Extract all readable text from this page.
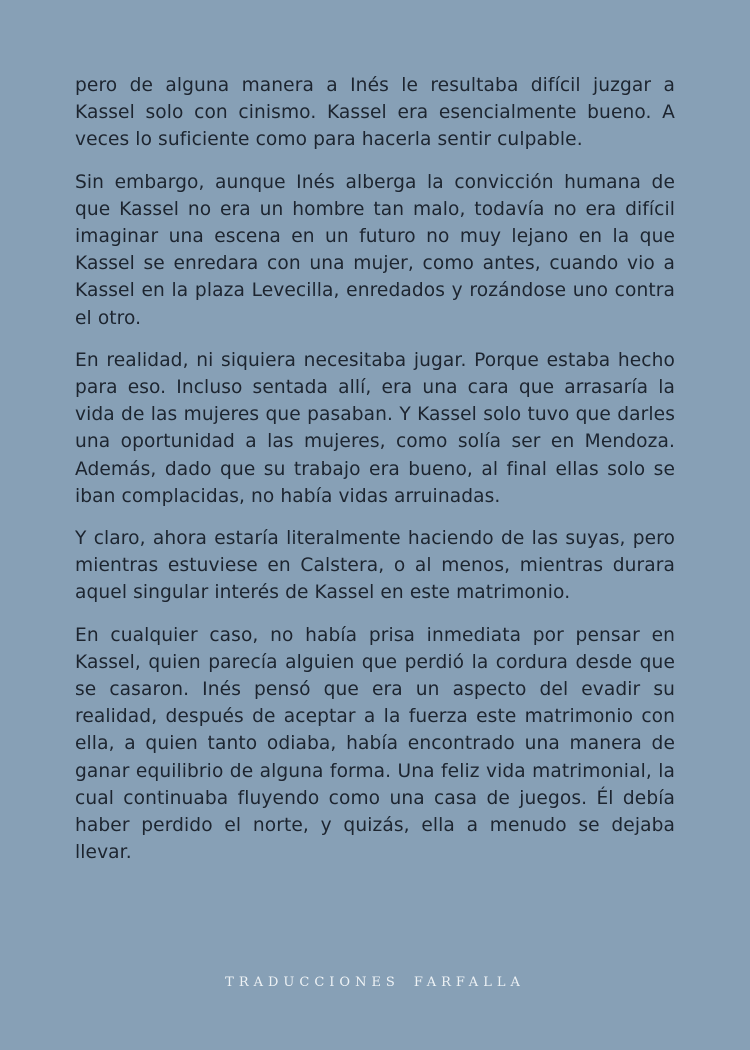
pero de alguna manera a Inés le resultaba difícil juzgar a Kassel solo con cinismo. Kassel era esencialmente bueno. A veces lo suficiente como para hacerla sentir culpable.

Sin embargo, aunque Inés alberga la convicción humana de que Kassel no era un hombre tan malo, todavía no era difícil imaginar una escena en un futuro no muy lejano en la que Kassel se enredara con una mujer, como antes, cuando vio a Kassel en la plaza Levecilla, enredados y rozándose uno contra el otro.

En realidad, ni siquiera necesitaba jugar. Porque estaba hecho para eso. Incluso sentada allí, era una cara que arrasaría la vida de las mujeres que pasaban. Y Kassel solo tuvo que darles una oportunidad a las mujeres, como solía ser en Mendoza. Además, dado que su trabajo era bueno, al final ellas solo se iban complacidas, no había vidas arruinadas.

Y claro, ahora estaría literalmente haciendo de las suyas, pero mientras estuviese en Calstera, o al menos, mientras durara aquel singular interés de Kassel en este matrimonio.

En cualquier caso, no había prisa inmediata por pensar en Kassel, quien parecía alguien que perdió la cordura desde que se casaron. Inés pensó que era un aspecto del evadir su realidad, después de aceptar a la fuerza este matrimonio con ella, a quien tanto odiaba, había encontrado una manera de ganar equilibrio de alguna forma. Una feliz vida matrimonial, la cual continuaba fluyendo como una casa de juegos. Él debía haber perdido el norte, y quizás, ella a menudo se dejaba llevar.

TRADUCCIONES FARFALLA
